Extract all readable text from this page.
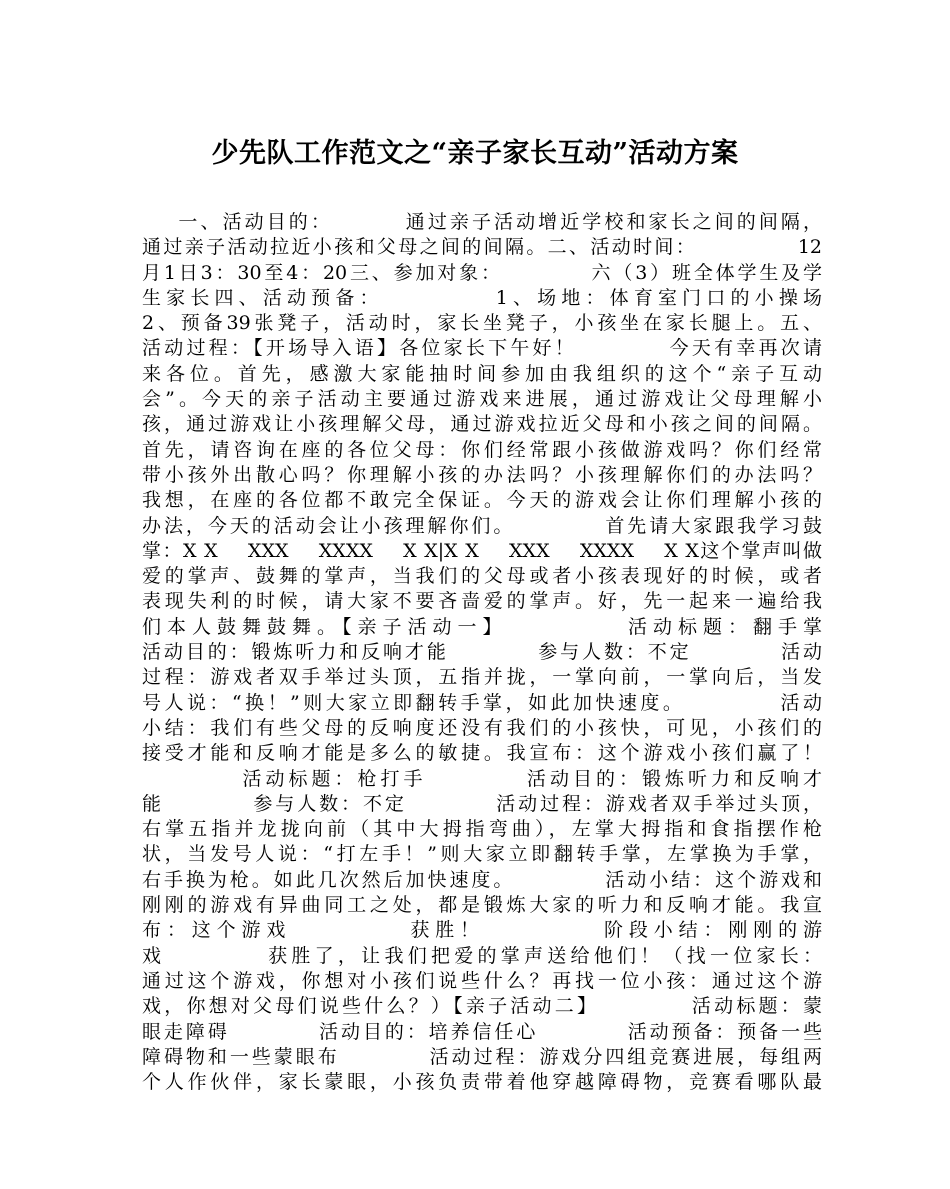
少先队工作范文之“亲子家长互动”活动方案
一、活动目的：        通过亲子活动增近学校和家长之间的间隔，
通过亲子活动拉近小孩和父母之间的间隔。二、活动时间：            12
月1日3：30至4：20三、参加对象：          六（3）班全体学生及学
生家长四、活动预备：          1、场地：体育室门口的小操场
2、预备39张凳子，活动时，家长坐凳子，小孩坐在家长腿上。五、
活动过程：【开场导入语】各位家长下午好！          今天有幸再次请
来各位。首先，感激大家能抽时间参加由我组织的这个“亲子互动
会”。今天的亲子活动主要通过游戏来进展，通过游戏让父母理解小
孩，通过游戏让小孩理解父母，通过游戏拉近父母和小孩之间的间隔。
首先，请咨询在座的各位父母：你们经常跟小孩做游戏吗？你们经常
带小孩外出散心吗？你理解小孩的办法吗？小孩理解你们的办法吗？
我想，在座的各位都不敢完全保证。今天的游戏会让你们理解小孩的
办法，今天的活动会让小孩理解你们。          首先请大家跟我学习鼓
掌：X X    XXX    XXXX    X X|X X    XXX    XXXX    X X这个掌声叫做
爱的掌声、鼓舞的掌声，当我们的父母或者小孩表现好的时候，或者
表现失利的时候，请大家不要吝啬爱的掌声。好，先一起来一遍给我
们本人鼓舞鼓舞。【亲子活动一】          活动标题：翻手掌
活动目的：锻炼听力和反响才能          参与人数：不定          活动
过程：游戏者双手举过头顶，五指并拢，一掌向前，一掌向后，当发
号人说：“换！”则大家立即翻转手掌，如此加快速度。          活动
小结：我们有些父母的反响度还没有我们的小孩快，可见，小孩们的
接受才能和反响才能是多么的敏捷。我宣布：这个游戏小孩们赢了！
活动标题：枪打手          活动目的：锻炼听力和反响才
能          参与人数：不定          活动过程：游戏者双手举过头顶，
右掌五指并龙拢向前（其中大拇指弯曲），左掌大拇指和食指摆作枪
状，当发号人说：“打左手！”则大家立即翻转手掌，左掌换为手掌，
右手换为枪。如此几次然后加快速度。          活动小结：这个游戏和
刚刚的游戏有异曲同工之处，都是锻炼大家的听力和反响才能。我宣
布：这个游戏          获胜！          阶段小结：刚刚的游
戏          获胜了，让我们把爱的掌声送给他们！（找一位家长：
通过这个游戏，你想对小孩们说些什么？再找一位小孩：通过这个游
戏，你想对父母们说些什么？）【亲子活动二】          活动标题：蒙
眼走障碍          活动目的：培养信任心          活动预备：预备一些
障碍物和一些蒙眼布          活动过程：游戏分四组竞赛进展，每组两
个人作伙伴，家长蒙眼，小孩负责带着他穿越障碍物，竞赛看哪队最
